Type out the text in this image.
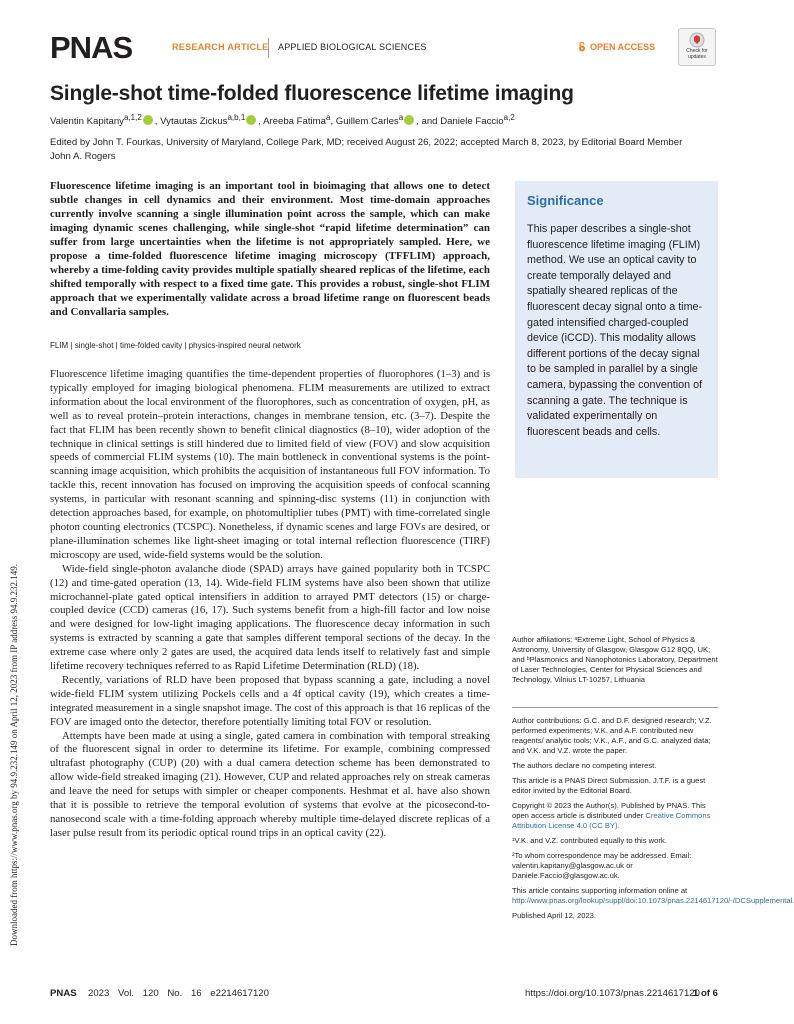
Downloaded from https://www.pnas.org by 94.9.232.149 on April 12, 2023 from IP address 94.9.232.149.
PNAS	RESEARCH ARTICLE APPLIED BIOLOGICAL SCIENCES	OPEN ACCESS	Check for
updates
Single-shot time-folded fluorescence lifetime imaging
Valentin Kapitany$^{a,1,2}$ , Vytautas Zickus$^{a,b,1}$ , Areeba Fatima$^a$, Guillem Carles$^a$ , and Daniele Faccio$^{a,2}$
Edited by John T. Fourkas, University of Maryland, College Park, MD; received August 26, 2022; accepted March 8, 2023, by Editorial Board Member John A. Rogers
Fluorescence lifetime imaging is an important tool in bioimaging that allows one to detect subtle changes in cell dynamics and their environment. Most time-domain approaches currently involve scanning a single illumination point across the sample, which can make imaging dynamic scenes challenging, while single-shot “rapid lifetime determination” can suffer from large uncertainties when the lifetime is not appropriately sampled. Here, we propose a time-folded fluorescence lifetime imaging microscopy (TFFLIM) approach, whereby a time-folding cavity provides multiple spatially sheared replicas of the lifetime, each shifted temporally with respect to a fixed time gate. This provides a robust, single-shot FLIM approach that we experimentally validate across a broad lifetime range on fluorescent beads and Convallaria samples.
FLIM | single-shot | time-folded cavity | physics-inspired neural network

Fluorescence lifetime imaging quantifies the time-dependent properties of fluorophores (1–3) and is typically employed for imaging biological phenomena. FLIM measurements are utilized to extract information about the local environment of the fluorophores, such as concentration of oxygen, pH, as well as to reveal protein–protein interactions, changes in membrane tension, etc. (3–7). Despite the fact that FLIM has been recently shown to benefit clinical diagnostics (8–10), wider adoption of the technique in clinical settings is still hindered due to limited field of view (FOV) and slow acquisition speeds of commercial FLIM systems (10). The main bottleneck in conventional systems is the point-scanning image acquisition, which prohibits the acquisition of instantaneous full FOV information. To tackle this, recent innovation has focused on improving the acquisition speeds of confocal scanning systems, in particular with resonant scanning and spinning-disc systems (11) in conjunction with detection approaches based, for example, on photomultiplier tubes (PMT) with time-correlated single photon counting electronics (TCSPC). Nonetheless, if dynamic scenes and large FOVs are desired, or plane-illumination schemes like light-sheet imaging or total internal reflection fluorescence (TIRF) microscopy are used, wide-field systems would be the solution.

Wide-field single-photon avalanche diode (SPAD) arrays have gained popularity both in TCSPC (12) and time-gated operation (13, 14). Wide-field FLIM systems have also been shown that utilize microchannel-plate gated optical intensifiers in addition to arrayed PMT detectors (15) or charge-coupled device (CCD) cameras (16, 17). Such systems benefit from a high-fill factor and low noise and were designed for low-light imaging applications. The fluorescence decay information in such systems is extracted by scanning a gate that samples different temporal sections of the decay. In the extreme case where only 2 gates are used, the acquired data lends itself to relatively fast and simple lifetime recovery techniques referred to as Rapid Lifetime Determination (RLD) (18).

Recently, variations of RLD have been proposed that bypass scanning a gate, including a novel wide-field FLIM system utilizing Pockels cells and a 4f optical cavity (19), which creates a time-integrated measurement in a single snapshot image. The cost of this approach is that 16 replicas of the FOV are imaged onto the detector, therefore potentially limiting total FOV or resolution.

Attempts have been made at using a single, gated camera in combination with temporal streaking of the fluorescent signal in order to determine its lifetime. For example, combining compressed ultrafast photography (CUP) (20) with a dual camera detection scheme has been demonstrated to allow wide-field streaked imaging (21). However, CUP and related approaches rely on streak cameras and leave the need for setups with simpler or cheaper components. Heshmat et al. have also shown that it is possible to retrieve the temporal evolution of systems that evolve at the picosecond-to-nanosecond scale with a time-folding approach whereby multiple time-delayed discrete replicas of a laser pulse result from its periodic optical round trips in an optical cavity (22).

Significance
This paper describes a single-shot fluorescence lifetime imaging (FLIM) method. We use an optical cavity to create temporally delayed and spatially sheared replicas of the fluorescent decay signal onto a time-gated intensified charged-coupled device (iCCD). This modality allows different portions of the decay signal to be sampled in parallel by a single camera, bypassing the convention of scanning a gate. The technique is validated experimentally on fluorescent beads and cells.
Author affiliations: ᵃExtreme Light, School of Physics & Astronomy, University of Glasgow, Glasgow G12 8QQ, UK; and ᵇPlasmonics and Nanophotonics Laboratory, Department of Laser Technologies, Center for Physical Sciences and Technology, Vilnius LT-10257, Lithuania

Author contributions: G.C. and D.F. designed research; V.Z. performed experiments; V.K. and A.F. contributed new reagents/ analytic tools; V.K., A.F., and G.C. analyzed data; and V.K. and V.Z. wrote the paper.

The authors declare no competing interest.

This article is a PNAS Direct Submission. J.T.F. is a guest editor invited by the Editorial Board.

Copyright © 2023 the Author(s). Published by PNAS. This open access article is distributed under Creative Commons Attribution License 4.0 (CC BY).

¹V.K. and V.Z. contributed equally to this work.

²To whom correspondence may be addressed. Email: valentin.kapitany@glasgow.ac.uk or Daniele.Faccio@glasgow.ac.uk.

This article contains supporting information online at http://www.pnas.org/lookup/suppl/doi:10.1073/pnas.2214617120/-/DCSupplemental.

Published April 12, 2023.

PNAS 2023 Vol. 120 No. 16 e2214617120	https://doi.org/10.1073/pnas.2214617120
1 of 6
